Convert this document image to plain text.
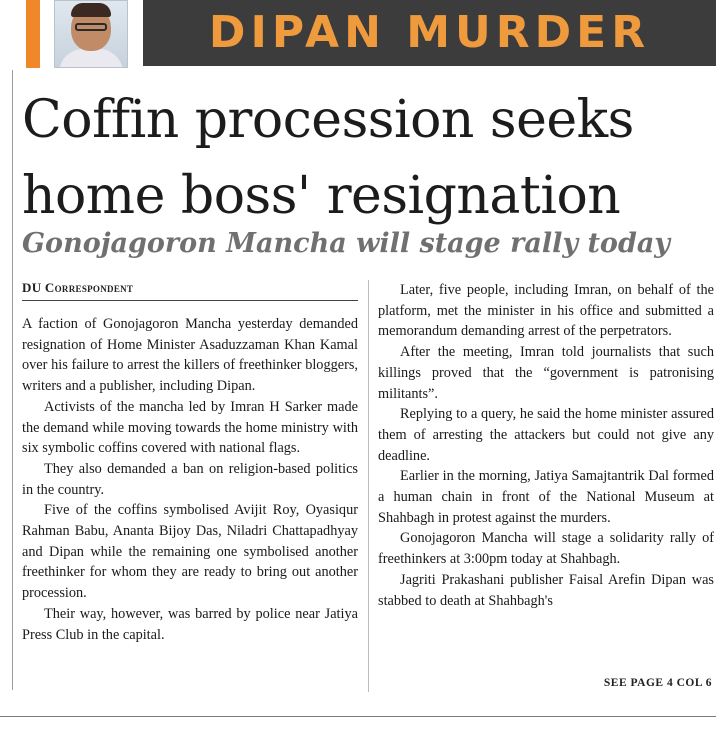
DIPAN MURDER
Coffin procession seeks
home boss' resignation
Gonojagoron Mancha will stage rally today
DU Correspondent

A faction of Gonojagoron Mancha yesterday demanded resignation of Home Minister Asaduzzaman Khan Kamal over his failure to arrest the killers of freethinker bloggers, writers and a publisher, including Dipan.

Activists of the mancha led by Imran H Sarker made the demand while moving towards the home ministry with six symbolic coffins covered with national flags.

They also demanded a ban on religion-based politics in the country.

Five of the coffins symbolised Avijit Roy, Oyasiqur Rahman Babu, Ananta Bijoy Das, Niladri Chattapadhyay and Dipan while the remaining one symbolised another freethinker for whom they are ready to bring out another procession.

Their way, however, was barred by police near Jatiya Press Club in the capital.

Later, five people, including Imran, on behalf of the platform, met the minister in his office and submitted a memorandum demanding arrest of the perpetrators.

After the meeting, Imran told journalists that such killings proved that the “government is patronising militants”.

Replying to a query, he said the home minister assured them of arresting the attackers but could not give any deadline.

Earlier in the morning, Jatiya Samajtantrik Dal formed a human chain in front of the National Museum at Shahbagh in protest against the murders.

Gonojagoron Mancha will stage a solidarity rally of freethinkers at 3:00pm today at Shahbagh.

Jagriti Prakashani publisher Faisal Arefin Dipan was stabbed to death at Shahbagh's

SEE PAGE 4 COL 6
